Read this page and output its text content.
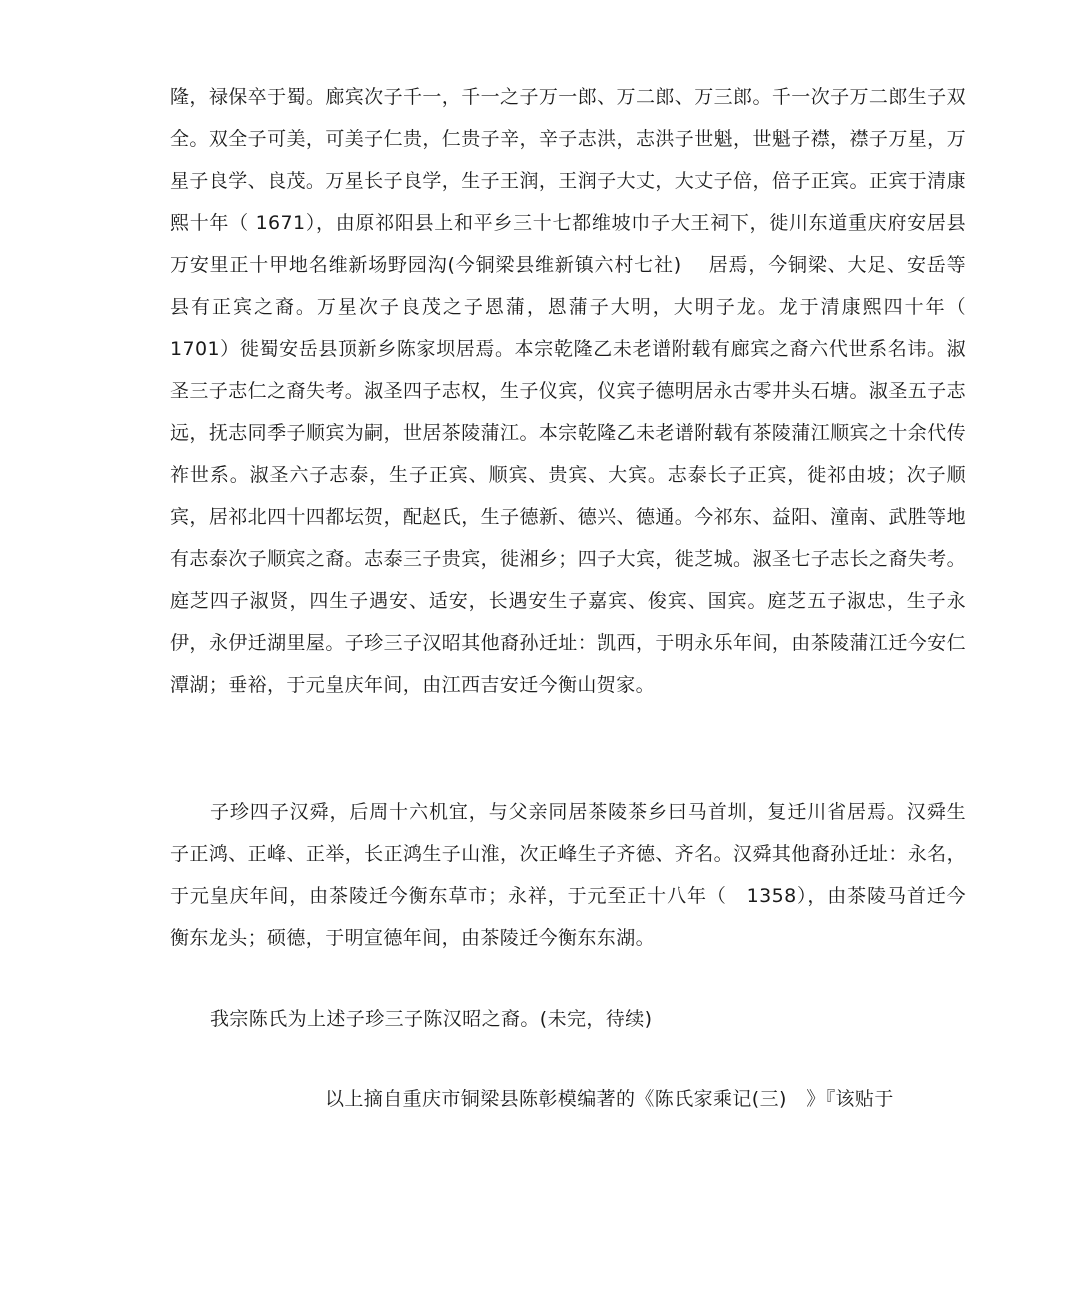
隆，禄保卒于蜀。廊宾次子千一，千一之子万一郎、万二郎、万三郎。千一次子万二郎生子双全。双全子可美，可美子仁贵，仁贵子辛，辛子志洪，志洪子世魁，世魁子襟，襟子万星，万星子良学、良茂。万星长子良学，生子王润，王润子大丈，大丈子倍，倍子正宾。正宾于清康熙十年（ 1671），由原祁阳县上和平乡三十七都维坡巾子大王祠下，徙川东道重庆府安居县万安里正十甲地名维新场野园沟(今铜梁县维新镇六村七社)　 居焉，今铜梁、大足、安岳等县有正宾之裔。万星次子良茂之子恩蒲，恩蒲子大明，大明子龙。龙于清康熙四十年（ 1701）徙蜀安岳县顶新乡陈家坝居焉。本宗乾隆乙未老谱附载有廊宾之裔六代世系名讳。淑圣三子志仁之裔失考。淑圣四子志权，生子仪宾，仪宾子德明居永古零井头石塘。淑圣五子志远，抚志同季子顺宾为嗣，世居茶陵蒲江。本宗乾隆乙未老谱附载有茶陵蒲江顺宾之十余代传祚世系。淑圣六子志泰，生子正宾、顺宾、贵宾、大宾。志泰长子正宾，徙祁由坡；次子顺宾，居祁北四十四都坛贺，配赵氏，生子德新、德兴、德通。今祁东、益阳、潼南、武胜等地有志泰次子顺宾之裔。志泰三子贵宾，徙湘乡；四子大宾，徙芝城。淑圣七子志长之裔失考。庭芝四子淑贤，四生子遇安、适安，长遇安生子嘉宾、俊宾、国宾。庭芝五子淑忠，生子永伊，永伊迁湖里屋。子珍三子汉昭其他裔孙迁址：凯西，于明永乐年间，由茶陵蒲江迁今安仁潭湖；垂裕，于元皇庆年间，由江西吉安迁今衡山贺家。

子珍四子汉舜，后周十六机宜，与父亲同居茶陵茶乡曰马首圳，复迁川省居焉。汉舜生子正鸿、正峰、正举，长正鸿生子山淮，次正峰生子齐德、齐名。汉舜其他裔孙迁址：永名，于元皇庆年间，由茶陵迁今衡东草市；永祥，于元至正十八年（　1358），由茶陵马首迁今衡东龙头；硕德，于明宣德年间，由茶陵迁今衡东东湖。

我宗陈氏为上述子珍三子陈汉昭之裔。(未完，待续)

以上摘自重庆市铜梁县陈彰模编著的《陈氏家乘记(三)　》『该贴于
